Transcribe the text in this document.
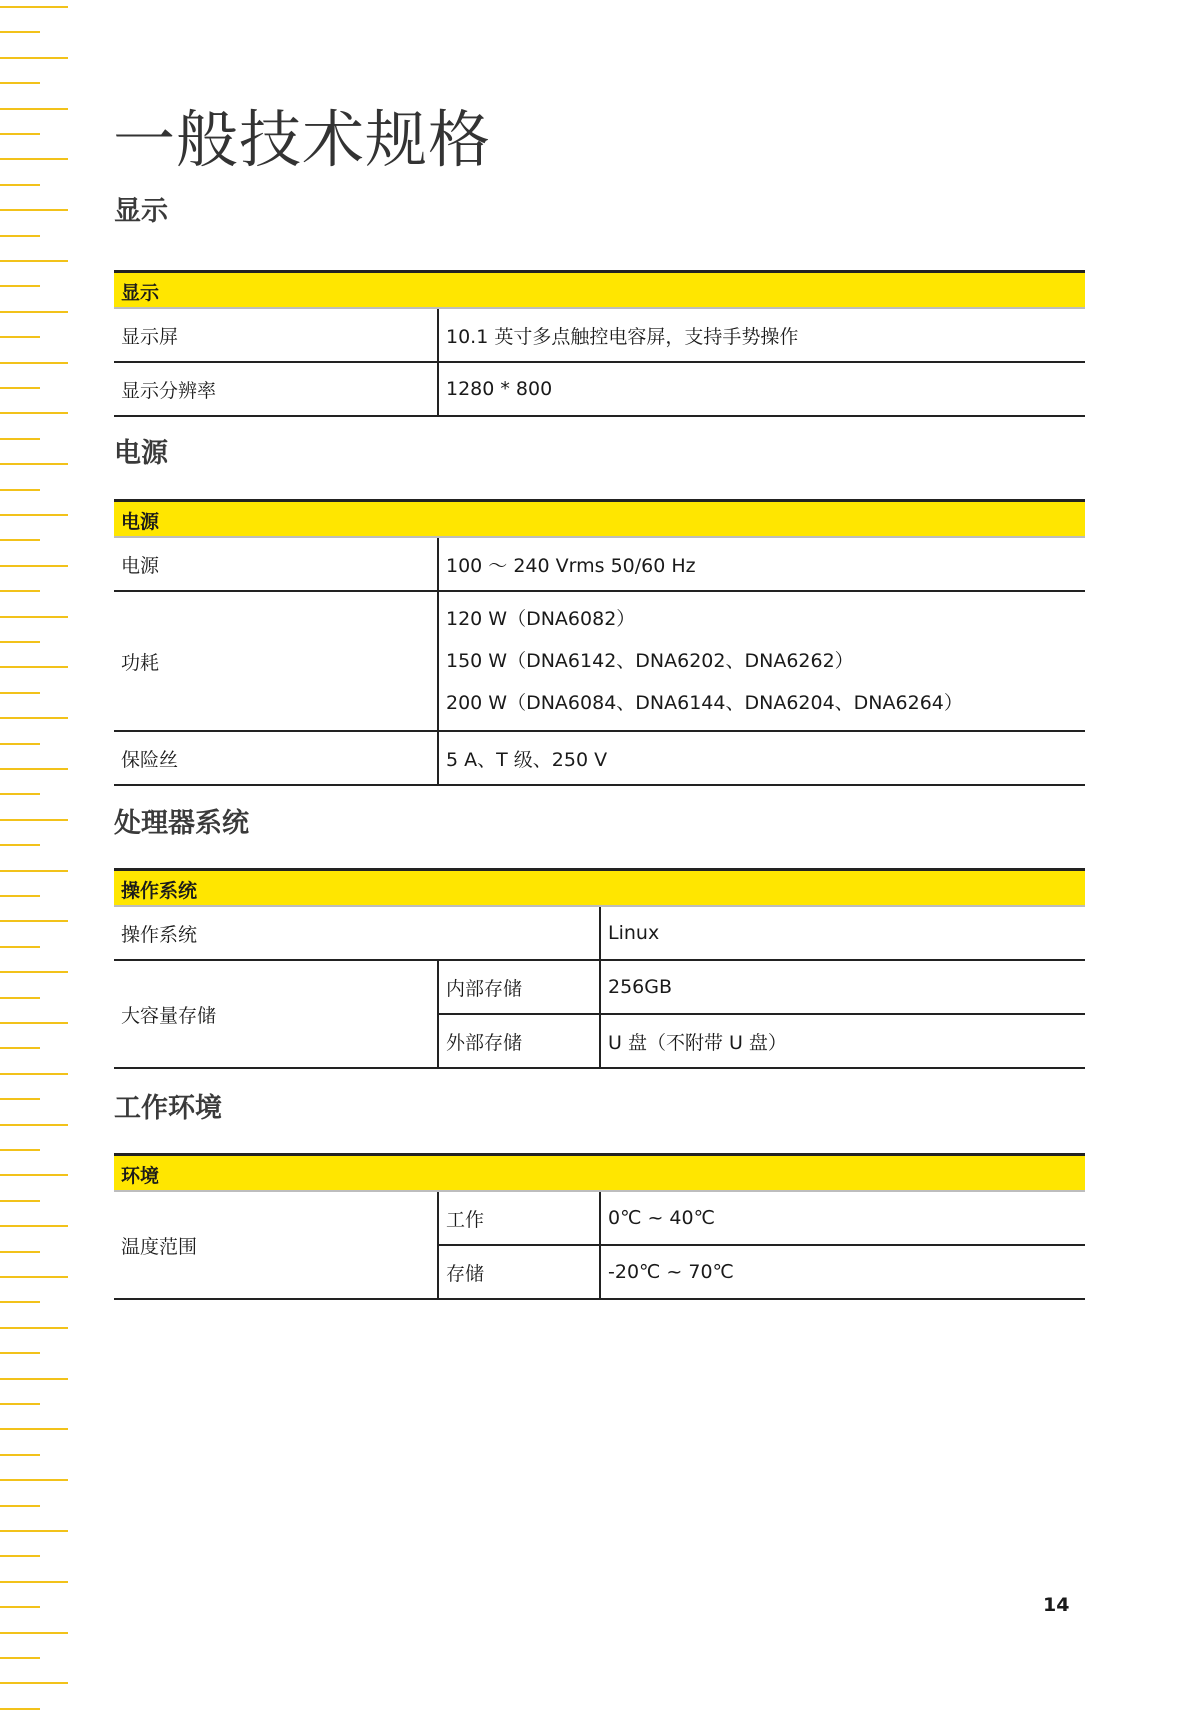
一般技术规格
显示
显示	
显示屏	10.1 英寸多点触控电容屏，支持手势操作
显示分辨率	1280 * 800
电源
电源	
电源	100 ～ 240 Vrms 50/60 Hz
功耗	120 W（DNA6082）
150 W（DNA6142、DNA6202、DNA6262）
200 W（DNA6084、DNA6144、DNA6204、DNA6264）

保险丝	5 A、T 级、250 V
处理器系统
操作系统		
操作系统		Linux
大容量存储	内部存储	256GB
	外部存储	U 盘（不附带 U 盘）
工作环境
环境		
温度范围	工作	0℃ ~ 40℃
	存储	-20℃ ~ 70℃
14
